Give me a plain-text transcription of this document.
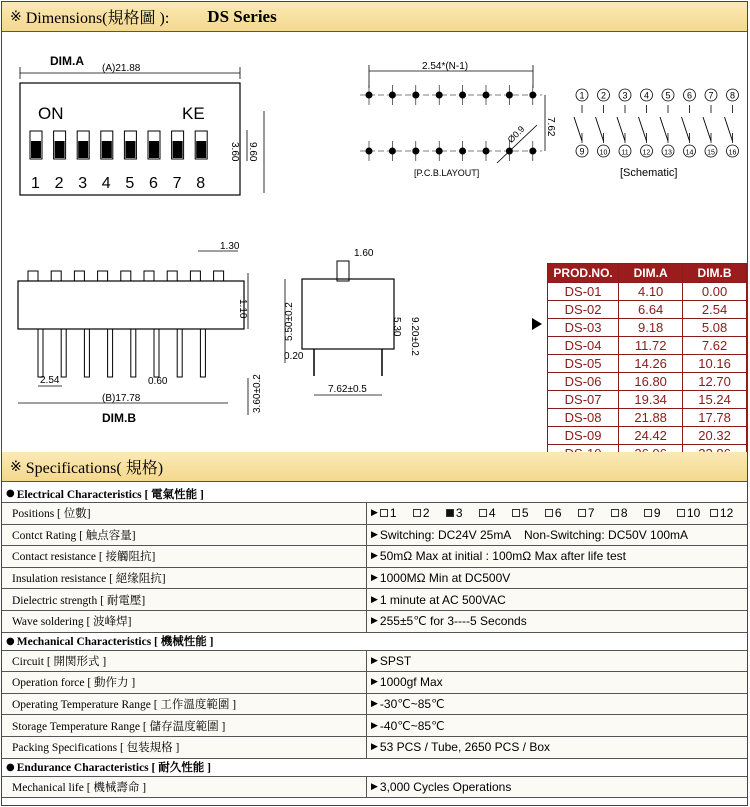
※ Dimensions(規格圖 ): DS Series
DIM.A
(A)21.88
ON	KE
1 2 3 4 5 6 7 8
3.60 9.60
2.54*(N-1)
7.62
Ø0.9
[P.C.B.LAYOUT]
1
9
2
10
3
11
4
12
5
13
6
14
7
15
8
16
[Schematic]
1.30
1.10
2.54	0.60
(B)17.78
DIM.B
3.60±0.2
1.60
5.50±0.2	5.30 9.20±0.2
0.20
7.62±0.5
PROD.NO.	DIM.A	DIM.B
DS-01	4.10	0.00
DS-02	6.64	2.54
DS-03	9.18	5.08
DS-04	11.72	7.62
DS-05	14.26	10.16
DS-06	16.80	12.70
DS-07	19.34	15.24
DS-08	21.88	17.78
DS-09	24.42	20.32

※ Specifications( 規格)
● Electrical Characteristics [ 電氣性能 ]
Positions [ 位數]	▶ 1 2 3 4 5 6 7 8 9 10 12
Contct Rating [ 触点容量]	▶ Switching: DC24V 25mA    Non-Switching: DC50V 100mA
Contact resistance [ 接觸阻抗]	▶ 50mΩ Max at initial : 100mΩ Max after life test
Insulation resistance [ 絕缘阻抗]	▶ 1000MΩ Min at DC500V
Dielectric strength [ 耐電壓]	▶ 1 minute at AC 500VAC
Wave soldering [ 波峰焊]	▶ 255±5℃ for 3----5 Seconds
● Mechanical Characteristics [ 機械性能 ]
Circuit [ 開関形式 ]	▶ SPST
Operation force [ 動作力 ]	▶ 1000gf Max
Operating Temperature Range [ 工作溫度範圍 ]	▶ -30℃~85℃
Storage Temperature Range [ 儲存温度範圍 ]	▶ -40℃~85℃
Packing Specifications [ 包装規格 ]	▶ 53 PCS / Tube, 2650 PCS / Box
● Endurance Characteristics [ 耐久性能 ]
Mechanical life [ 機械壽命 ]	▶ 3,000 Cycles Operations
